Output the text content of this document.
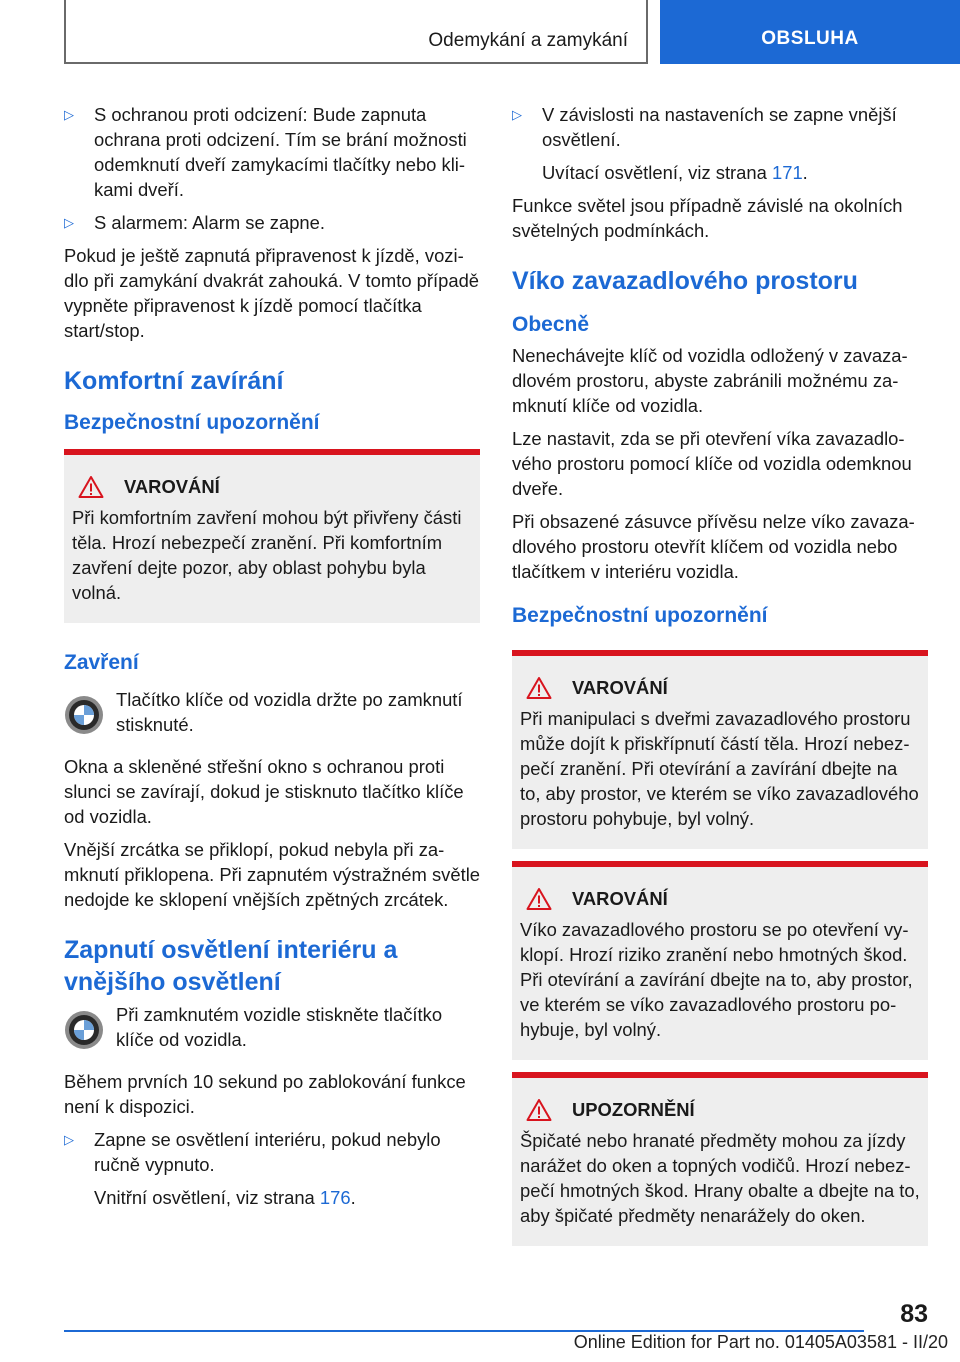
Odemykání a zamykání	OBSLUHA
▷	S ochranou proti odcizení: Bude zapnuta ochrana proti odcizení. Tím se brání možnosti odemknutí dveří zamykacími tlačítky nebo klikami dveří.
▷	S alarmem: Alarm se zapne.

Pokud je ještě zapnutá připravenost k jízdě, vozidlo při zamykání dvakrát zahouká. V tomto případě vypněte připravenost k jízdě pomocí tlačítka start/stop.

Komfortní zavírání
Bezpečnostní upozornění
VAROVÁNÍ
Při komfortním zavření mohou být přivřeny části těla. Hrozí nebezpečí zranění. Při komfortním zavření dejte pozor, aby oblast pohybu byla volná.
Zavření
Tlačítko klíče od vozidla držte po zamknutí stisknuté.

Okna a skleněné střešní okno s ochranou proti slunci se zavírají, dokud je stisknuto tlačítko klíče od vozidla.

Vnější zrcátka se přiklopí, pokud nebyla při zamknutí přiklopena. Při zapnutém výstražném světle nedojde ke sklopení vnějších zpětných zrcátek.

Zapnutí osvětlení interiéru a vnějšího osvětlení
Při zamknutém vozidle stiskněte tlačítko klíče od vozidla.

Během prvních 10 sekund po zablokování funkce není k dispozici.

▷	Zapne se osvětlení interiéru, pokud nebylo ručně vypnuto.
Vnitřní osvětlení, viz strana 176.
▷	V závislosti na nastaveních se zapne vnější osvětlení.
Uvítací osvětlení, viz strana 171.

Funkce světel jsou případně závislé na okolních světelných podmínkách.

Víko zavazadlového prostoru
Obecně

Nenechávejte klíč od vozidla odložený v zavazadlovém prostoru, abyste zabránili možnému zamknutí klíče od vozidla.

Lze nastavit, zda se při otevření víka zavazadlového prostoru pomocí klíče od vozidla odemknou dveře.

Při obsazené zásuvce přívěsu nelze víko zavazadlového prostoru otevřít klíčem od vozidla nebo tlačítkem v interiéru vozidla.

Bezpečnostní upozornění
VAROVÁNÍ
Při manipulaci s dveřmi zavazadlového prostoru může dojít k přiskřípnutí částí těla. Hrozí nebezpečí zranění. Při otevírání a zavírání dbejte na to, aby prostor, ve kterém se víko zavazadlového prostoru pohybuje, byl volný.
VAROVÁNÍ
Víko zavazadlového prostoru se po otevření vyklopí. Hrozí riziko zranění nebo hmotných škod. Při otevírání a zavírání dbejte na to, aby prostor, ve kterém se víko zavazadlového prostoru pohybuje, byl volný.
UPOZORNĚNÍ
Špičaté nebo hranaté předměty mohou za jízdy narážet do oken a topných vodičů. Hrozí nebezpečí hmotných škod. Hrany obalte a dbejte na to, aby špičaté předměty nenarážely do oken.
83
Online Edition for Part no. 01405A03581 - II/20
